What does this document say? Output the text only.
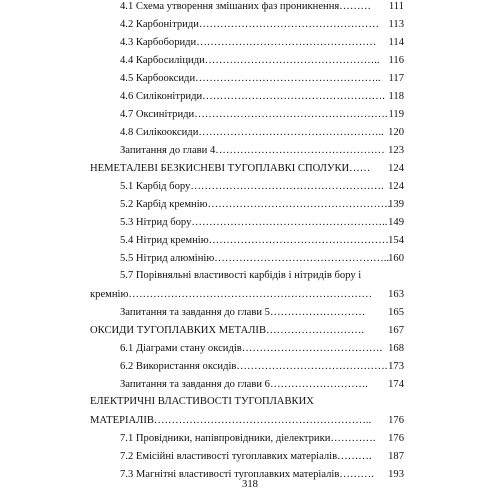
4.1 Схема утворення змішаних фаз проникнення……… 111
4.2 Карбонітриди…………………………………………… 113
4.3 Карбобориди…………………………………………… 114
4.4 Карбосиліциди………………………………………….. 116
4.5 Карбооксиди…………………………………………….. 117
4.6 Силіконітриди……………………………………………. 118
4.7 Оксинітриди………………………………………………. 119
4.8 Силікооксиди…………………………………………….. 120
Запитання до глави 4………………………………………… 123
НЕМЕТАЛЕВІ БЕЗКИСНЕВІ ТУГОПЛАВКІ СПОЛУКИ…… 124
5.1 Карбід бору………………………………………………. 124
5.2 Карбід кремнію…………………………………………….
139
5.3 Нітрид бору……………………………………………….. 149
5.4 Нітрид кремнію…………………………………………… 154
5.5 Нітрид алюмінію………………………………………….. 160
5.7 Порівняльні властивості карбідів і нітридів бору і
кремнію…………………………………………………………… 163
Запитання та завдання до глави 5……………………… 165
ОКСИДИ ТУГОПЛАВКИХ МЕТАЛІВ………………………. 167
6.1 Діаграми стану оксидів…………………………………. 168
6.2 Використання оксидів……………………………………. 173
Запитання та завдання до глави 6………………………. 174
ЕЛЕКТРИЧНІ ВЛАСТИВОСТІ ТУГОПЛАВКИХ
МАТЕРІАЛІВ…………………………………………………….. 176
7.1 Провідники, напівпровідники, діелектрики…………. 176
7.2 Емісійні властивості тугоплавких матеріалів………. 187
7.3 Магнітні властивості тугоплавких матеріалів………. 193
318
